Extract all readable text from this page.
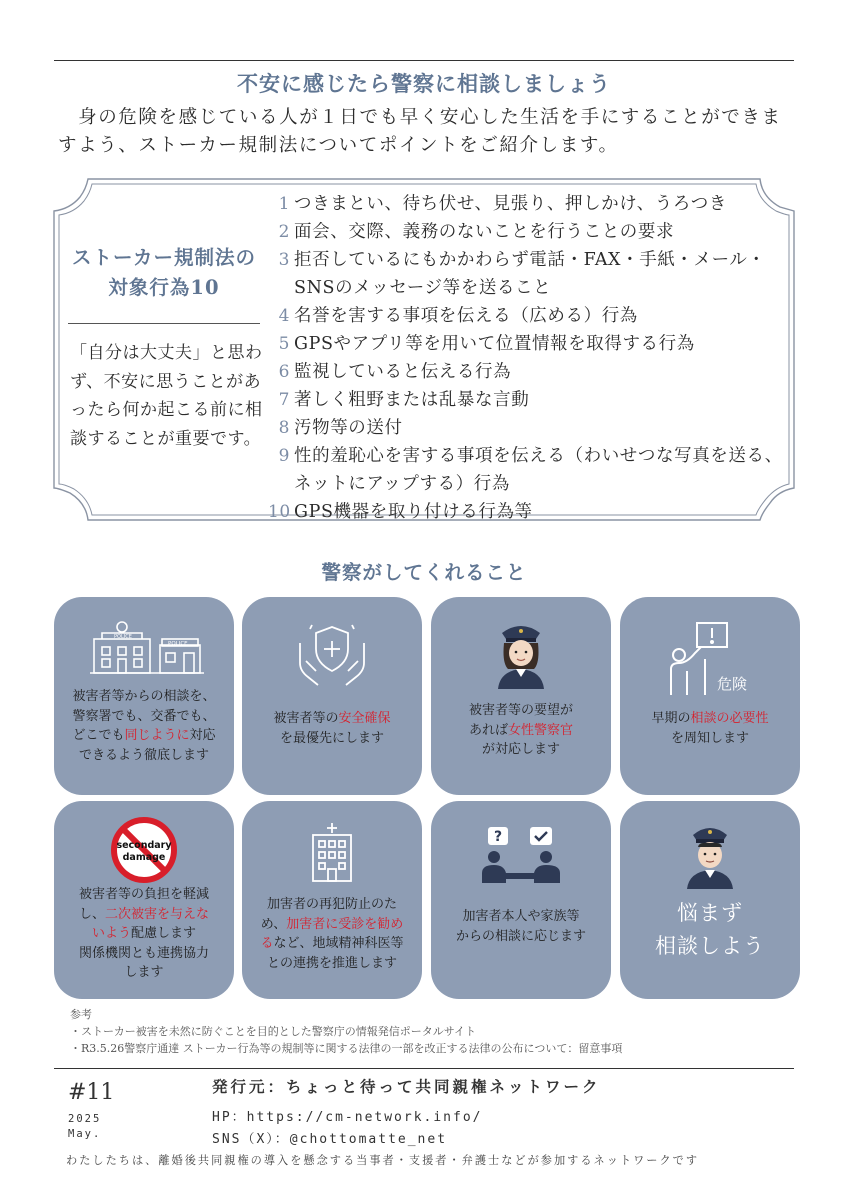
不安に感じたら警察に相談しましょう

　身の危険を感じている人が１日でも早く安心した生活を手にすることができますよう、ストーカー規制法についてポイントをご紹介します。

ストーカー規制法の
対象行為10

「自分は大丈夫」と思わず、不安に思うことがあったら何か起こる前に相談することが重要です。

1 つきまとい、待ち伏せ、見張り、押しかけ、うろつき
2 面会、交際、義務のないことを行うことの要求
3 拒否しているにもかかわらず電話・FAX・手紙・メール・SNSのメッセージ等を送ること
4 名誉を害する事項を伝える（広める）行為
5 GPSやアプリ等を用いて位置情報を取得する行為
6 監視していると伝える行為
7 著しく粗野または乱暴な言動
8 汚物等の送付
9 性的羞恥心を害する事項を伝える（わいせつな写真を送る、ネットにアップする）行為
10 GPS機器を取り付ける行為等
警察がしてくれること
POLICE
POLICE
被害者等からの相談を、
警察署でも、交番でも、
どこでも同じように対応
できるよう徹底します
被害者等の安全確保
を最優先にします
被害者等の要望が
あれば女性警察官
が対応します
危険
早期の相談の必要性
を周知します
secondary
damage
被害者等の負担を軽減
し、二次被害を与えな
いよう配慮します
関係機関とも連携協力
します
加害者の再犯防止のた
め、加害者に受診を勧め
るなど、地域精神科医等
との連携を推進します
?
加害者本人や家族等
からの相談に応じます
悩まず
相談しよう
参考
・ストーカー被害を未然に防ぐことを目的とした警察庁の情報発信ポータルサイト
・R3.5.26警察庁通達 ストーカー行為等の規制等に関する法律の一部を改正する法律の公布について：留意事項
#11
2025
May.
発行元：ちょっと待って共同親権ネットワーク
HP：https://cm-network.info/
SNS（X）：@chottomatte_net
わたしたちは、離婚後共同親権の導入を懸念する当事者・支援者・弁護士などが参加するネットワークです
